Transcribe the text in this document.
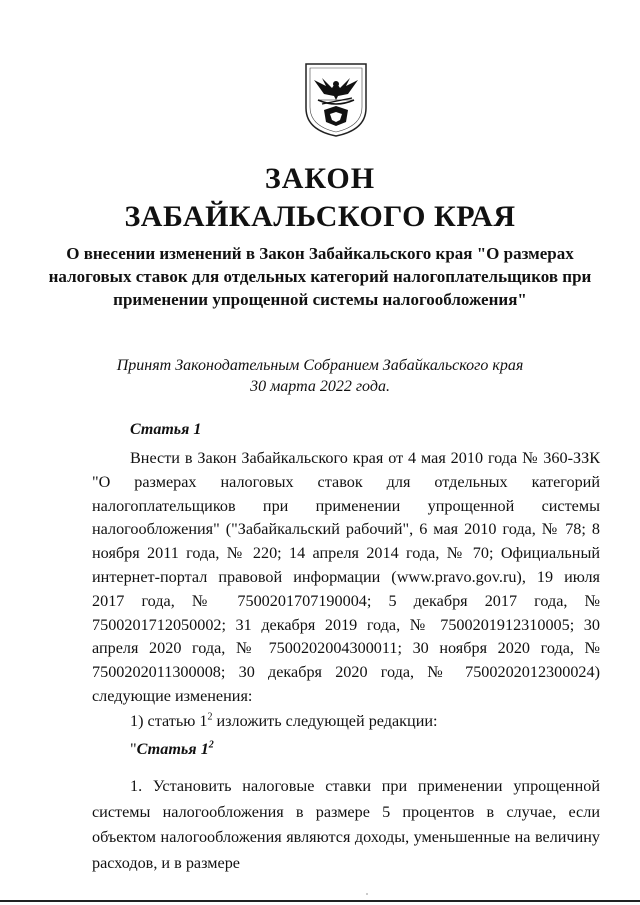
ЗАКОН
ЗАБАЙКАЛЬСКОГО КРАЯ
О внесении изменений в Закон Забайкальского края "О размерах налоговых ставок для отдельных категорий налогоплательщиков при применении упрощенной системы налогообложения"
Принят Законодательным Собранием Забайкальского края
30 марта 2022 года.
Статья 1
Внести в Закон Забайкальского края от 4 мая 2010 года № 360-ЗЗК "О размерах налоговых ставок для отдельных категорий налогоплательщиков при применении упрощенной системы налогообложения" ("Забайкальский рабочий", 6 мая 2010 года, № 78; 8 ноября 2011 года, № 220; 14 апреля 2014 года, № 70; Официальный интернет-портал правовой информации (www.pravo.gov.ru), 19 июля 2017 года, № 7500201707190004; 5 декабря 2017 года, № 7500201712050002; 31 декабря 2019 года, № 7500201912310005; 30 апреля 2020 года, № 7500202004300011; 30 ноября 2020 года, № 7500202011300008; 30 декабря 2020 года, № 7500202012300024) следующие изменения:
1) статью $1^2$ изложить следующей редакции:
"Статья $1^2$
1. Установить налоговые ставки при применении упрощенной системы налогообложения в размере 5 процентов в случае, если объектом налогообложения являются доходы, уменьшенные на величину расходов, и в размере
